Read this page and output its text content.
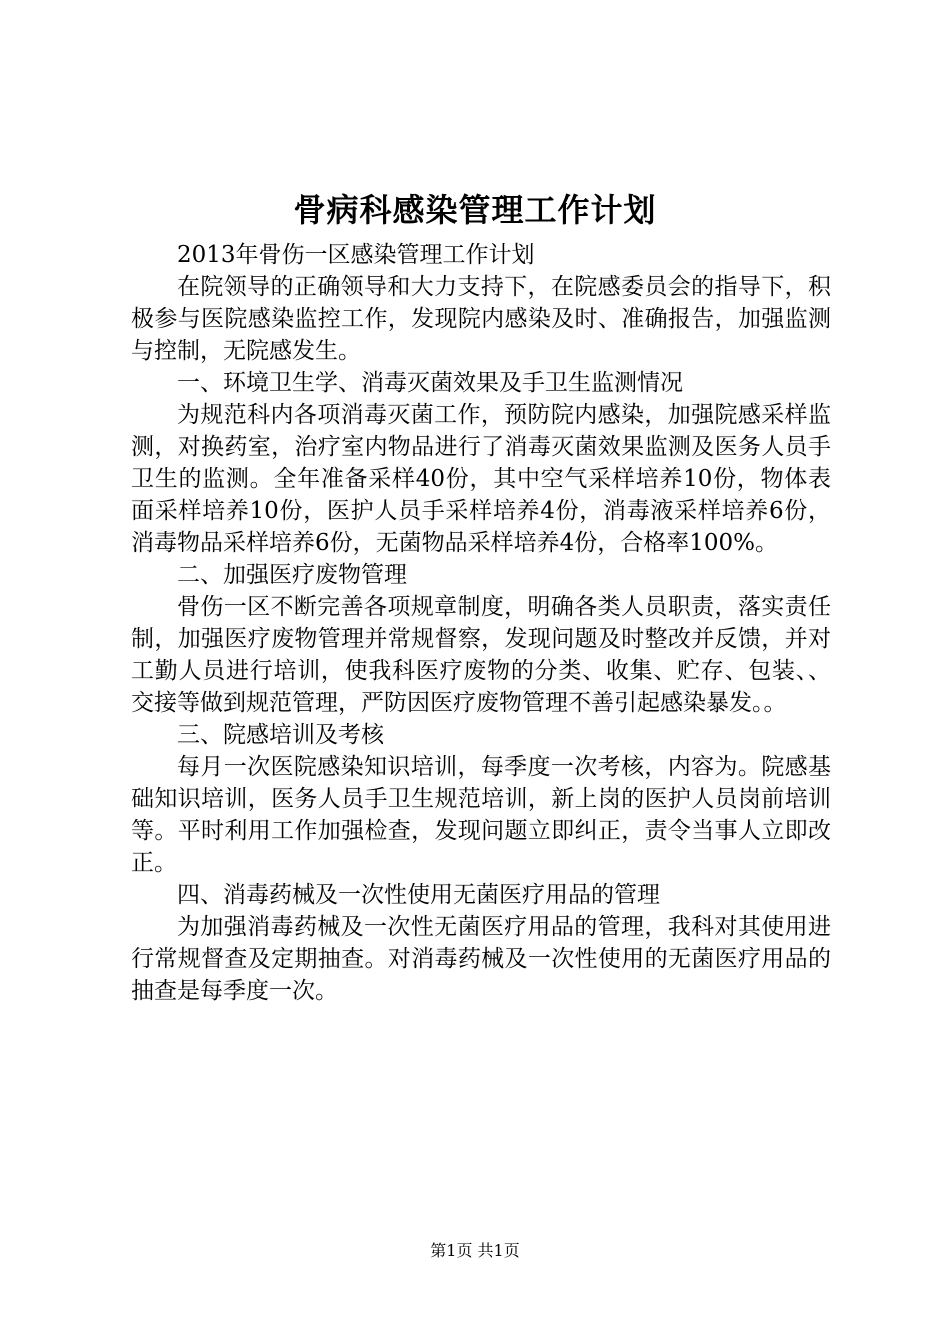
骨病科感染管理工作计划

2013年骨伤一区感染管理工作计划

在院领导的正确领导和大力支持下，在院感委员会的指导下，积极参与医院感染监控工作，发现院内感染及时、准确报告，加强监测与控制，无院感发生。

一、环境卫生学、消毒灭菌效果及手卫生监测情况

为规范科内各项消毒灭菌工作，预防院内感染，加强院感采样监测，对换药室，治疗室内物品进行了消毒灭菌效果监测及医务人员手卫生的监测。全年准备采样40份，其中空气采样培养10份，物体表面采样培养10份，医护人员手采样培养4份，消毒液采样培养6份，消毒物品采样培养6份，无菌物品采样培养4份，合格率100%。

二、加强医疗废物管理

骨伤一区不断完善各项规章制度，明确各类人员职责，落实责任制，加强医疗废物管理并常规督察，发现问题及时整改并反馈，并对工勤人员进行培训，使我科医疗废物的分类、收集、贮存、包装、、交接等做到规范管理，严防因医疗废物管理不善引起感染暴发。。

三、院感培训及考核

每月一次医院感染知识培训，每季度一次考核，内容为。院感基础知识培训，医务人员手卫生规范培训，新上岗的医护人员岗前培训等。平时利用工作加强检查，发现问题立即纠正，责令当事人立即改正。

四、消毒药械及一次性使用无菌医疗用品的管理

为加强消毒药械及一次性无菌医疗用品的管理，我科对其使用进行常规督查及定期抽查。对消毒药械及一次性使用的无菌医疗用品的抽查是每季度一次。

第1页 共1页
